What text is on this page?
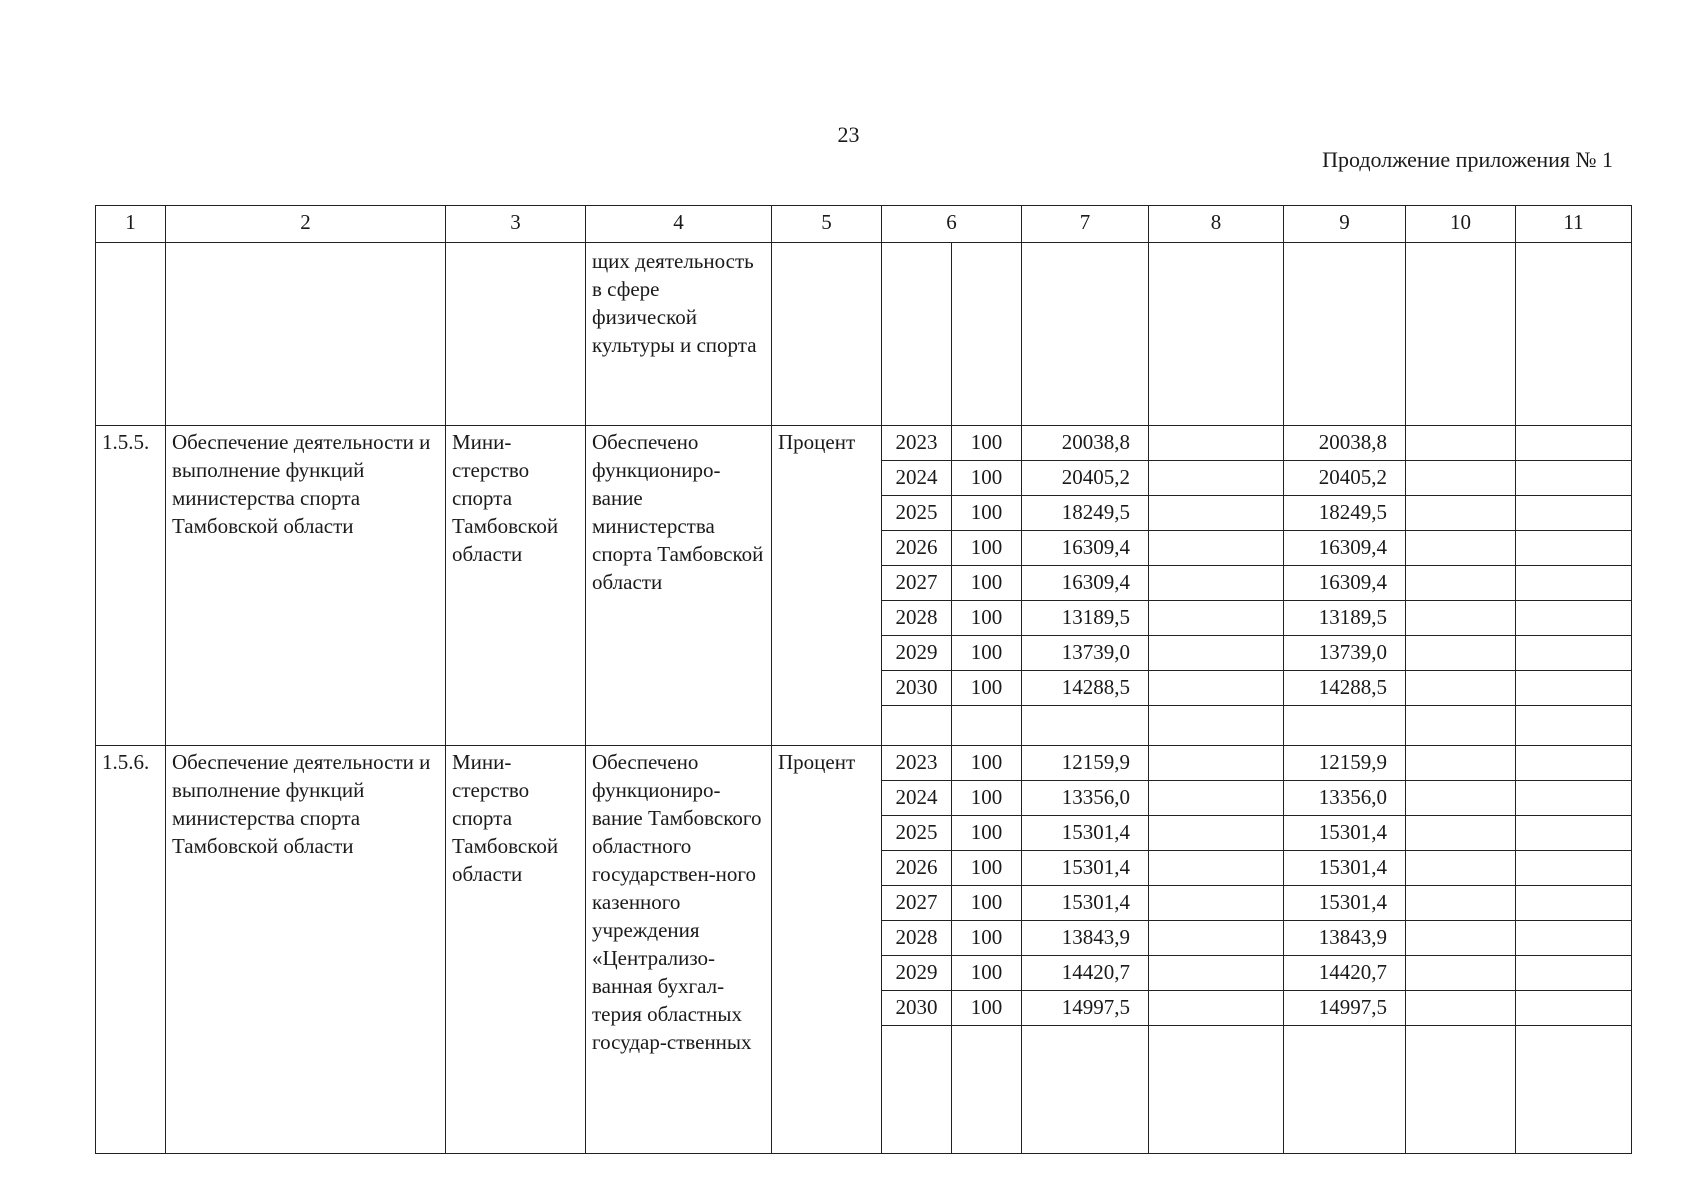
23
Продолжение приложения № 1
1	2	3	4	5	6		7	8	9	10	11
			щих деятельность в сфере физической культуры и спорта								
1.5.5.	Обеспечение деятельности и выполнение функций министерства спорта Тамбовской области	Мини-стерство спорта Тамбовской области	Обеспечено функциониро-вание министерства спорта Тамбовской области	Процент	2023	100	20038,8		20038,8		
					2024	100	20405,2		20405,2		
					2025	100	18249,5		18249,5		
					2026	100	16309,4		16309,4		
					2027	100	16309,4		16309,4		
					2028	100	13189,5		13189,5		
					2029	100	13739,0		13739,0		
					2030	100	14288,5		14288,5		

1.5.6.	Обеспечение деятельности и выполнение функций министерства спорта Тамбовской области	Мини-стерство спорта Тамбовской области	Обеспечено функциониро-вание Тамбовского областного государствен-ного казенного учреждения «Централизо-ванная бухгал-терия областных государ-ственных	Процент	2023	100	12159,9		12159,9		
					2024	100	13356,0		13356,0		
					2025	100	15301,4		15301,4		
					2026	100	15301,4		15301,4		
					2027	100	15301,4		15301,4		
					2028	100	13843,9		13843,9		
					2029	100	14420,7		14420,7		
					2030	100	14997,5		14997,5		
